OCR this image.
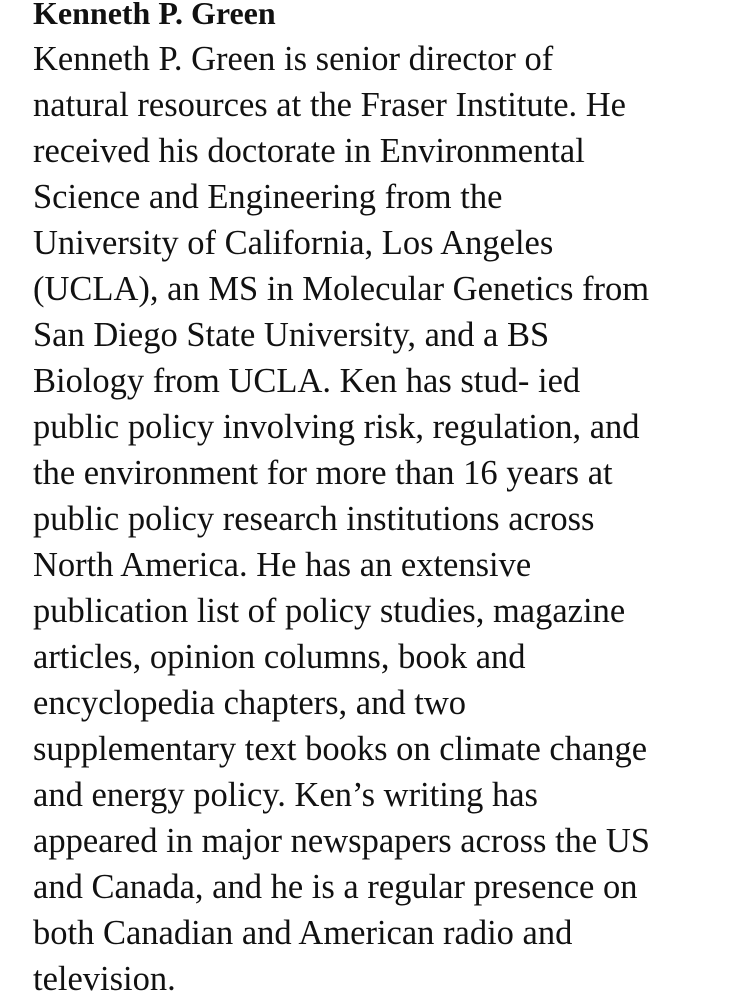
Kenneth P. Green
Kenneth P. Green is senior director of
natural resources at the Fraser Institute. He
received his doctorate in Environmental
Science and Engineering from the
University of California, Los Angeles
(UCLA), an MS in Molecular Genetics from
San Diego State University, and a BS
Biology from UCLA. Ken has stud- ied
public policy involving risk, regulation, and
the environment for more than 16 years at
public policy research institutions across
North America. He has an extensive
publication list of policy studies, magazine
articles, opinion columns, book and
encyclopedia chapters, and two
supplementary text books on climate change
and energy policy. Ken’s writing has
appeared in major newspapers across the US
and Canada, and he is a regular presence on
both Canadian and American radio and
television.
